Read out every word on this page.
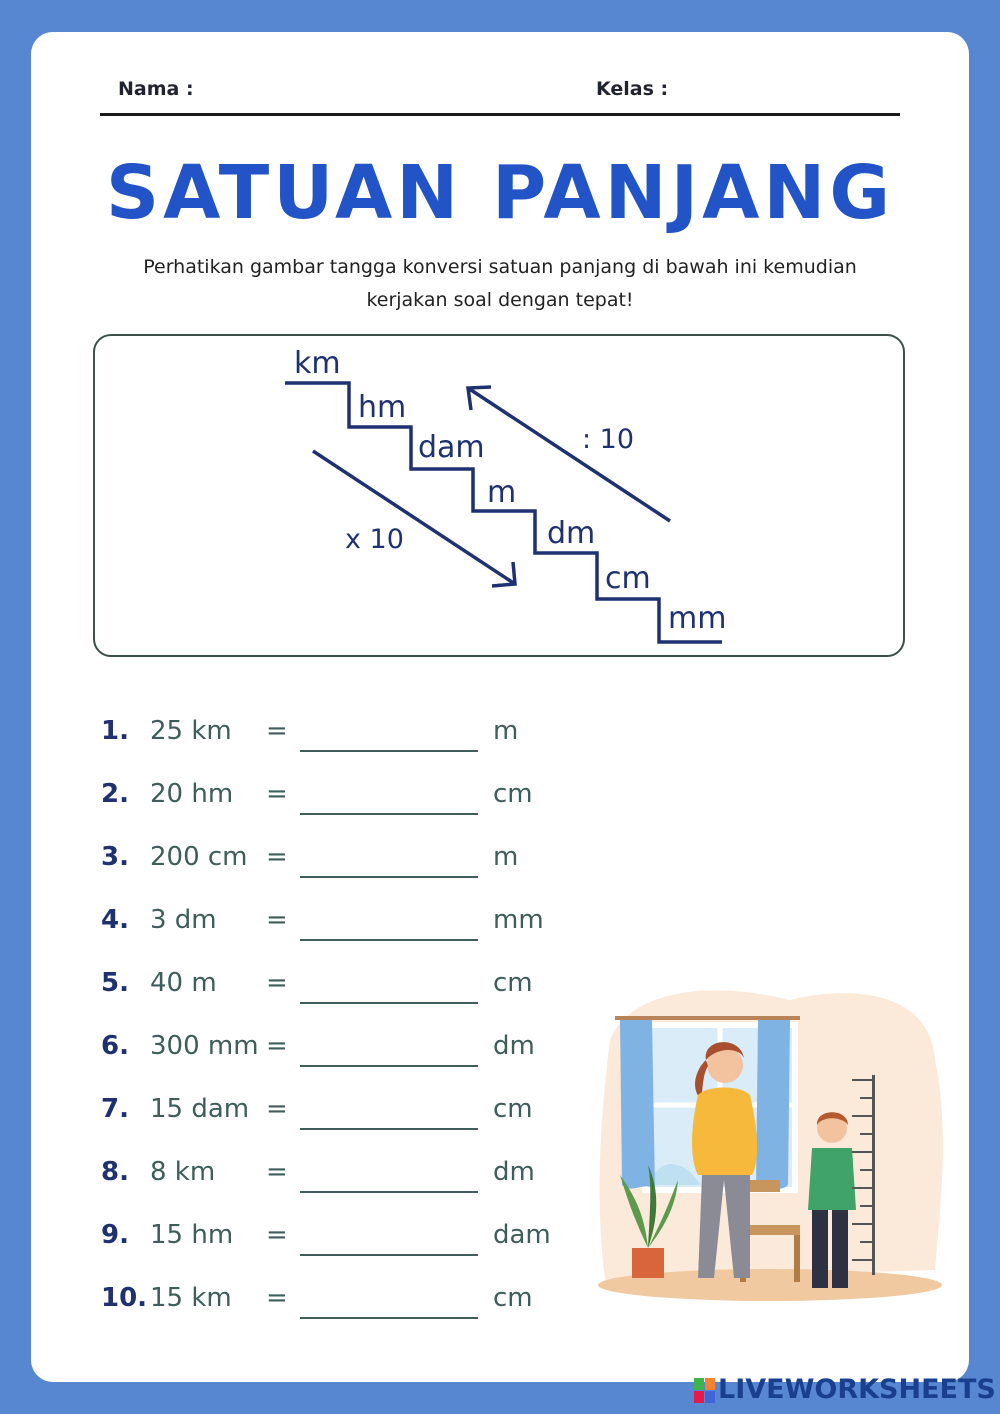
Nama :	Kelas :
SATUAN PANJANG
Perhatikan gambar tangga konversi satuan panjang di bawah ini kemudian kerjakan soal dengan tepat!
km
hm
dam
m
dm
cm
mm
x 10
: 10
1. 25 km =	m
2. 20 hm =	cm
3. 200 cm =	m
4. 3 dm =	mm
5. 40 m =	cm
6. 300 mm =	dm
7. 15 dam =	cm
8. 8 km =	dm
9. 15 hm =	dam
10. 15 km =	cm
LIVEWORKSHEETS
